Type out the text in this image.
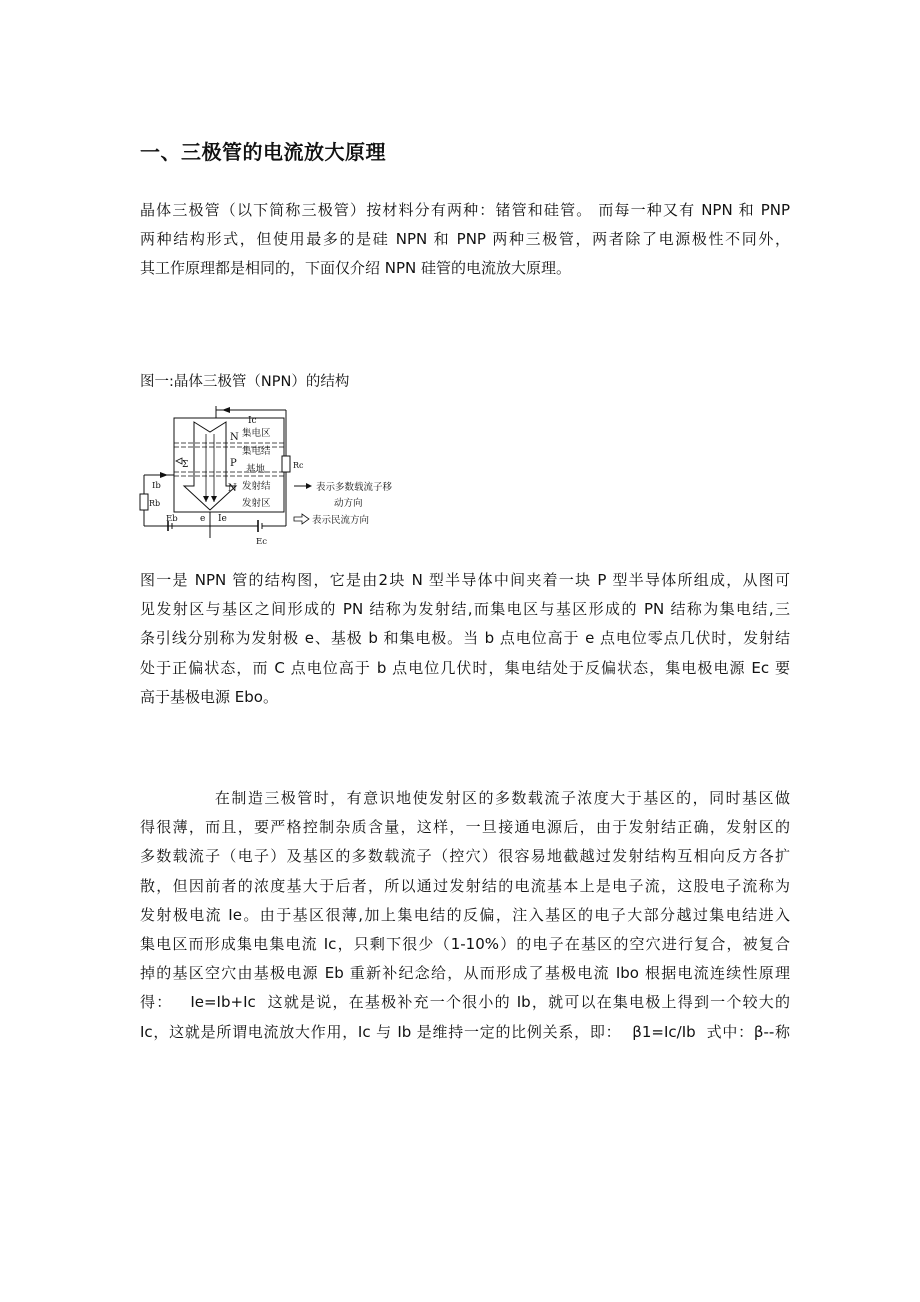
一、三极管的电流放大原理
晶体三极管（以下简称三极管）按材料分有两种：锗管和硅管。 而每一种又有 NPN 和 PNP
两种结构形式，但使用最多的是硅 NPN 和 PNP 两种三极管，两者除了电源极性不同外，
其工作原理都是相同的，下面仅介绍 NPN 硅管的电流放大原理。
图一:晶体三极管（NPN）的结构
Ic
Σ
N
P
N
集电区
集电结
基地
发射结
发射区
Rc
Ib
Rb
Eb e Ie
Ec
表示多数载流子移
动方向
表示民流方向
图一是 NPN 管的结构图，它是由2块 N 型半导体中间夹着一块 P 型半导体所组成，从图可
见发射区与基区之间形成的 PN 结称为发射结,而集电区与基区形成的 PN 结称为集电结,三
条引线分别称为发射极 e、基极 b 和集电极。当 b 点电位高于 e 点电位零点几伏时，发射结
处于正偏状态，而 C 点电位高于 b 点电位几伏时，集电结处于反偏状态，集电极电源 Ec 要
高于基极电源 Ebo。
在制造三极管时，有意识地使发射区的多数载流子浓度大于基区的，同时基区做
得很薄，而且，要严格控制杂质含量，这样，一旦接通电源后，由于发射结正确，发射区的
多数载流子（电子）及基区的多数载流子（控穴）很容易地截越过发射结构互相向反方各扩
散，但因前者的浓度基大于后者，所以通过发射结的电流基本上是电子流，这股电子流称为
发射极电流 Ie。由于基区很薄,加上集电结的反偏，注入基区的电子大部分越过集电结进入
集电区而形成集电集电流 Ic，只剩下很少（1-10%）的电子在基区的空穴进行复合，被复合
掉的基区空穴由基极电源 Eb 重新补纪念给，从而形成了基极电流 Ibo 根据电流连续性原理
得：   Ie=Ib+Ic  这就是说，在基极补充一个很小的 Ib，就可以在集电极上得到一个较大的
Ic，这就是所谓电流放大作用，Ic 与 Ib 是维持一定的比例关系，即：  β1=Ic/Ib  式中：β--称
